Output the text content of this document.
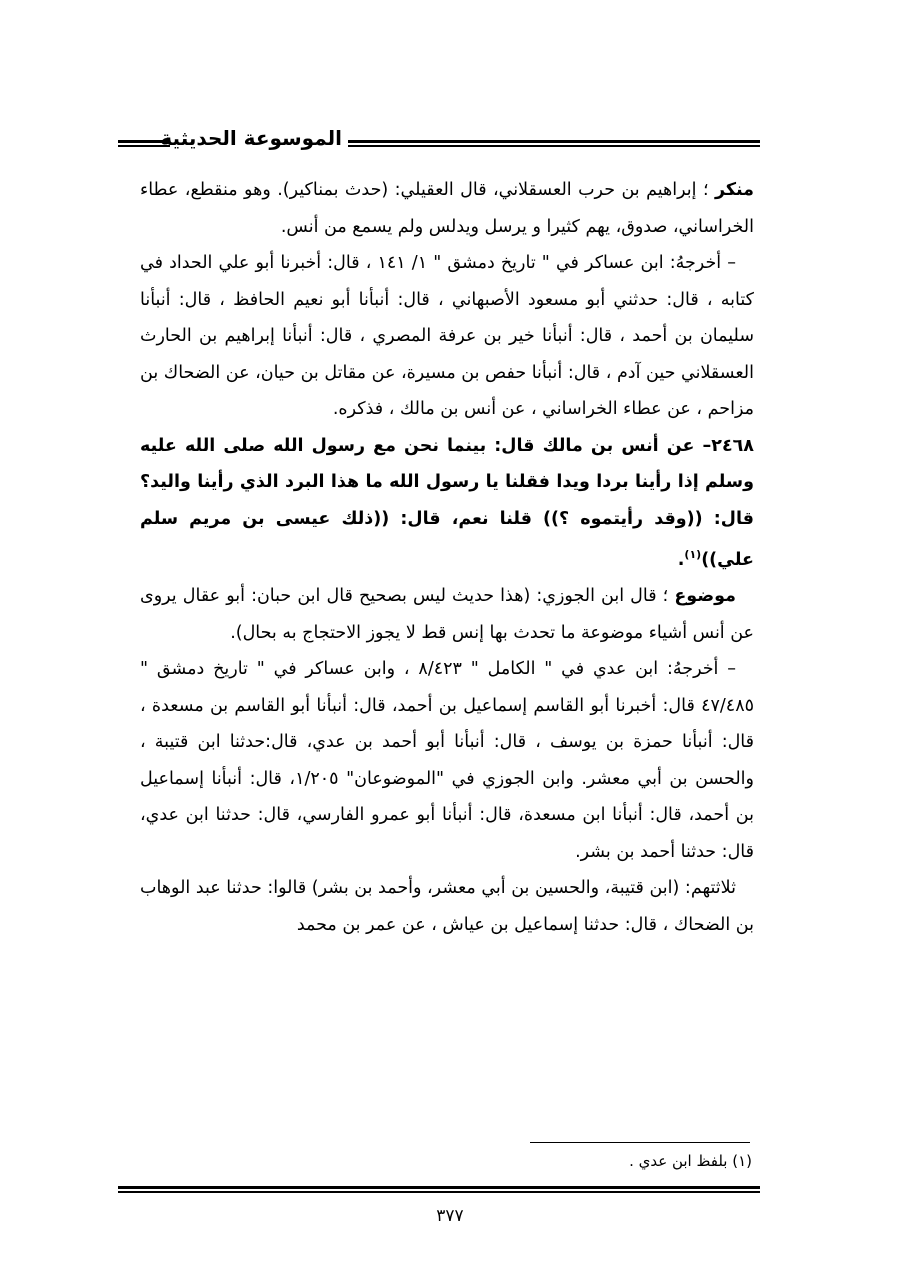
الموسوعة الحديثية

منكر ؛ إبراهيم بن حرب العسقلاني، قال العقيلي: (حدث بمناكير). وهو منقطع، عطاء الخراساني، صدوق، يهم كثيرا و يرسل ويدلس ولم يسمع من أنس.

– أخرجهُ: ابن عساكر في " تاريخ دمشق " ١/ ١٤١ ، قال: أخبرنا أبو علي الحداد في كتابه ، قال: حدثني أبو مسعود الأصبهاني ، قال: أنبأنا أبو نعيم الحافظ ، قال: أنبأنا سليمان بن أحمد ، قال: أنبأنا خير بن عرفة المصري ، قال: أنبأنا إبراهيم بن الحارث العسقلاني حين آدم ، قال: أنبأنا حفص بن مسيرة، عن مقاتل بن حيان، عن الضحاك بن مزاحم ، عن عطاء الخراساني ، عن أنس بن مالك ، فذكره.

٢٤٦٨– عن أنس بن مالك قال: بينما نحن مع رسول الله صلى الله عليه وسلم إذا رأينا بردا ويدا فقلنا يا رسول الله ما هذا البرد الذي رأينا واليد؟ قال: ((وقد رأيتموه ؟)) قلنا نعم، قال: ((ذلك عيسى بن مريم سلم علي))$^{(١)}$.

موضوع ؛ قال ابن الجوزي: (هذا حديث ليس بصحيح قال ابن حبان: أبو عقال يروى عن أنس أشياء موضوعة ما تحدث بها إنس قط لا يجوز الاحتجاج به بحال).

– أخرجهُ: ابن عدي في " الكامل " ٨/٤٢٣ ، وابن عساكر في " تاريخ دمشق " ٤٧/٤٨٥ قال: أخبرنا أبو القاسم إسماعيل بن أحمد، قال: أنبأنا أبو القاسم بن مسعدة ، قال: أنبأنا حمزة بن يوسف ، قال: أنبأنا أبو أحمد بن عدي، قال:حدثنا ابن قتيبة ، والحسن بن أبي معشر. وابن الجوزي في "الموضوعان" ١/٢٠٥، قال: أنبأنا إسماعيل بن أحمد، قال: أنبأنا ابن مسعدة، قال: أنبأنا أبو عمرو الفارسي، قال: حدثنا ابن عدي، قال: حدثنا أحمد بن بشر.

ثلاثتهم: (ابن قتيبة، والحسين بن أبي معشر، وأحمد بن بشر) قالوا: حدثنا عبد الوهاب بن الضحاك ، قال: حدثنا إسماعيل بن عياش ، عن عمر بن محمد

(١) بلفظ ابن عدي .
٣٧٧
